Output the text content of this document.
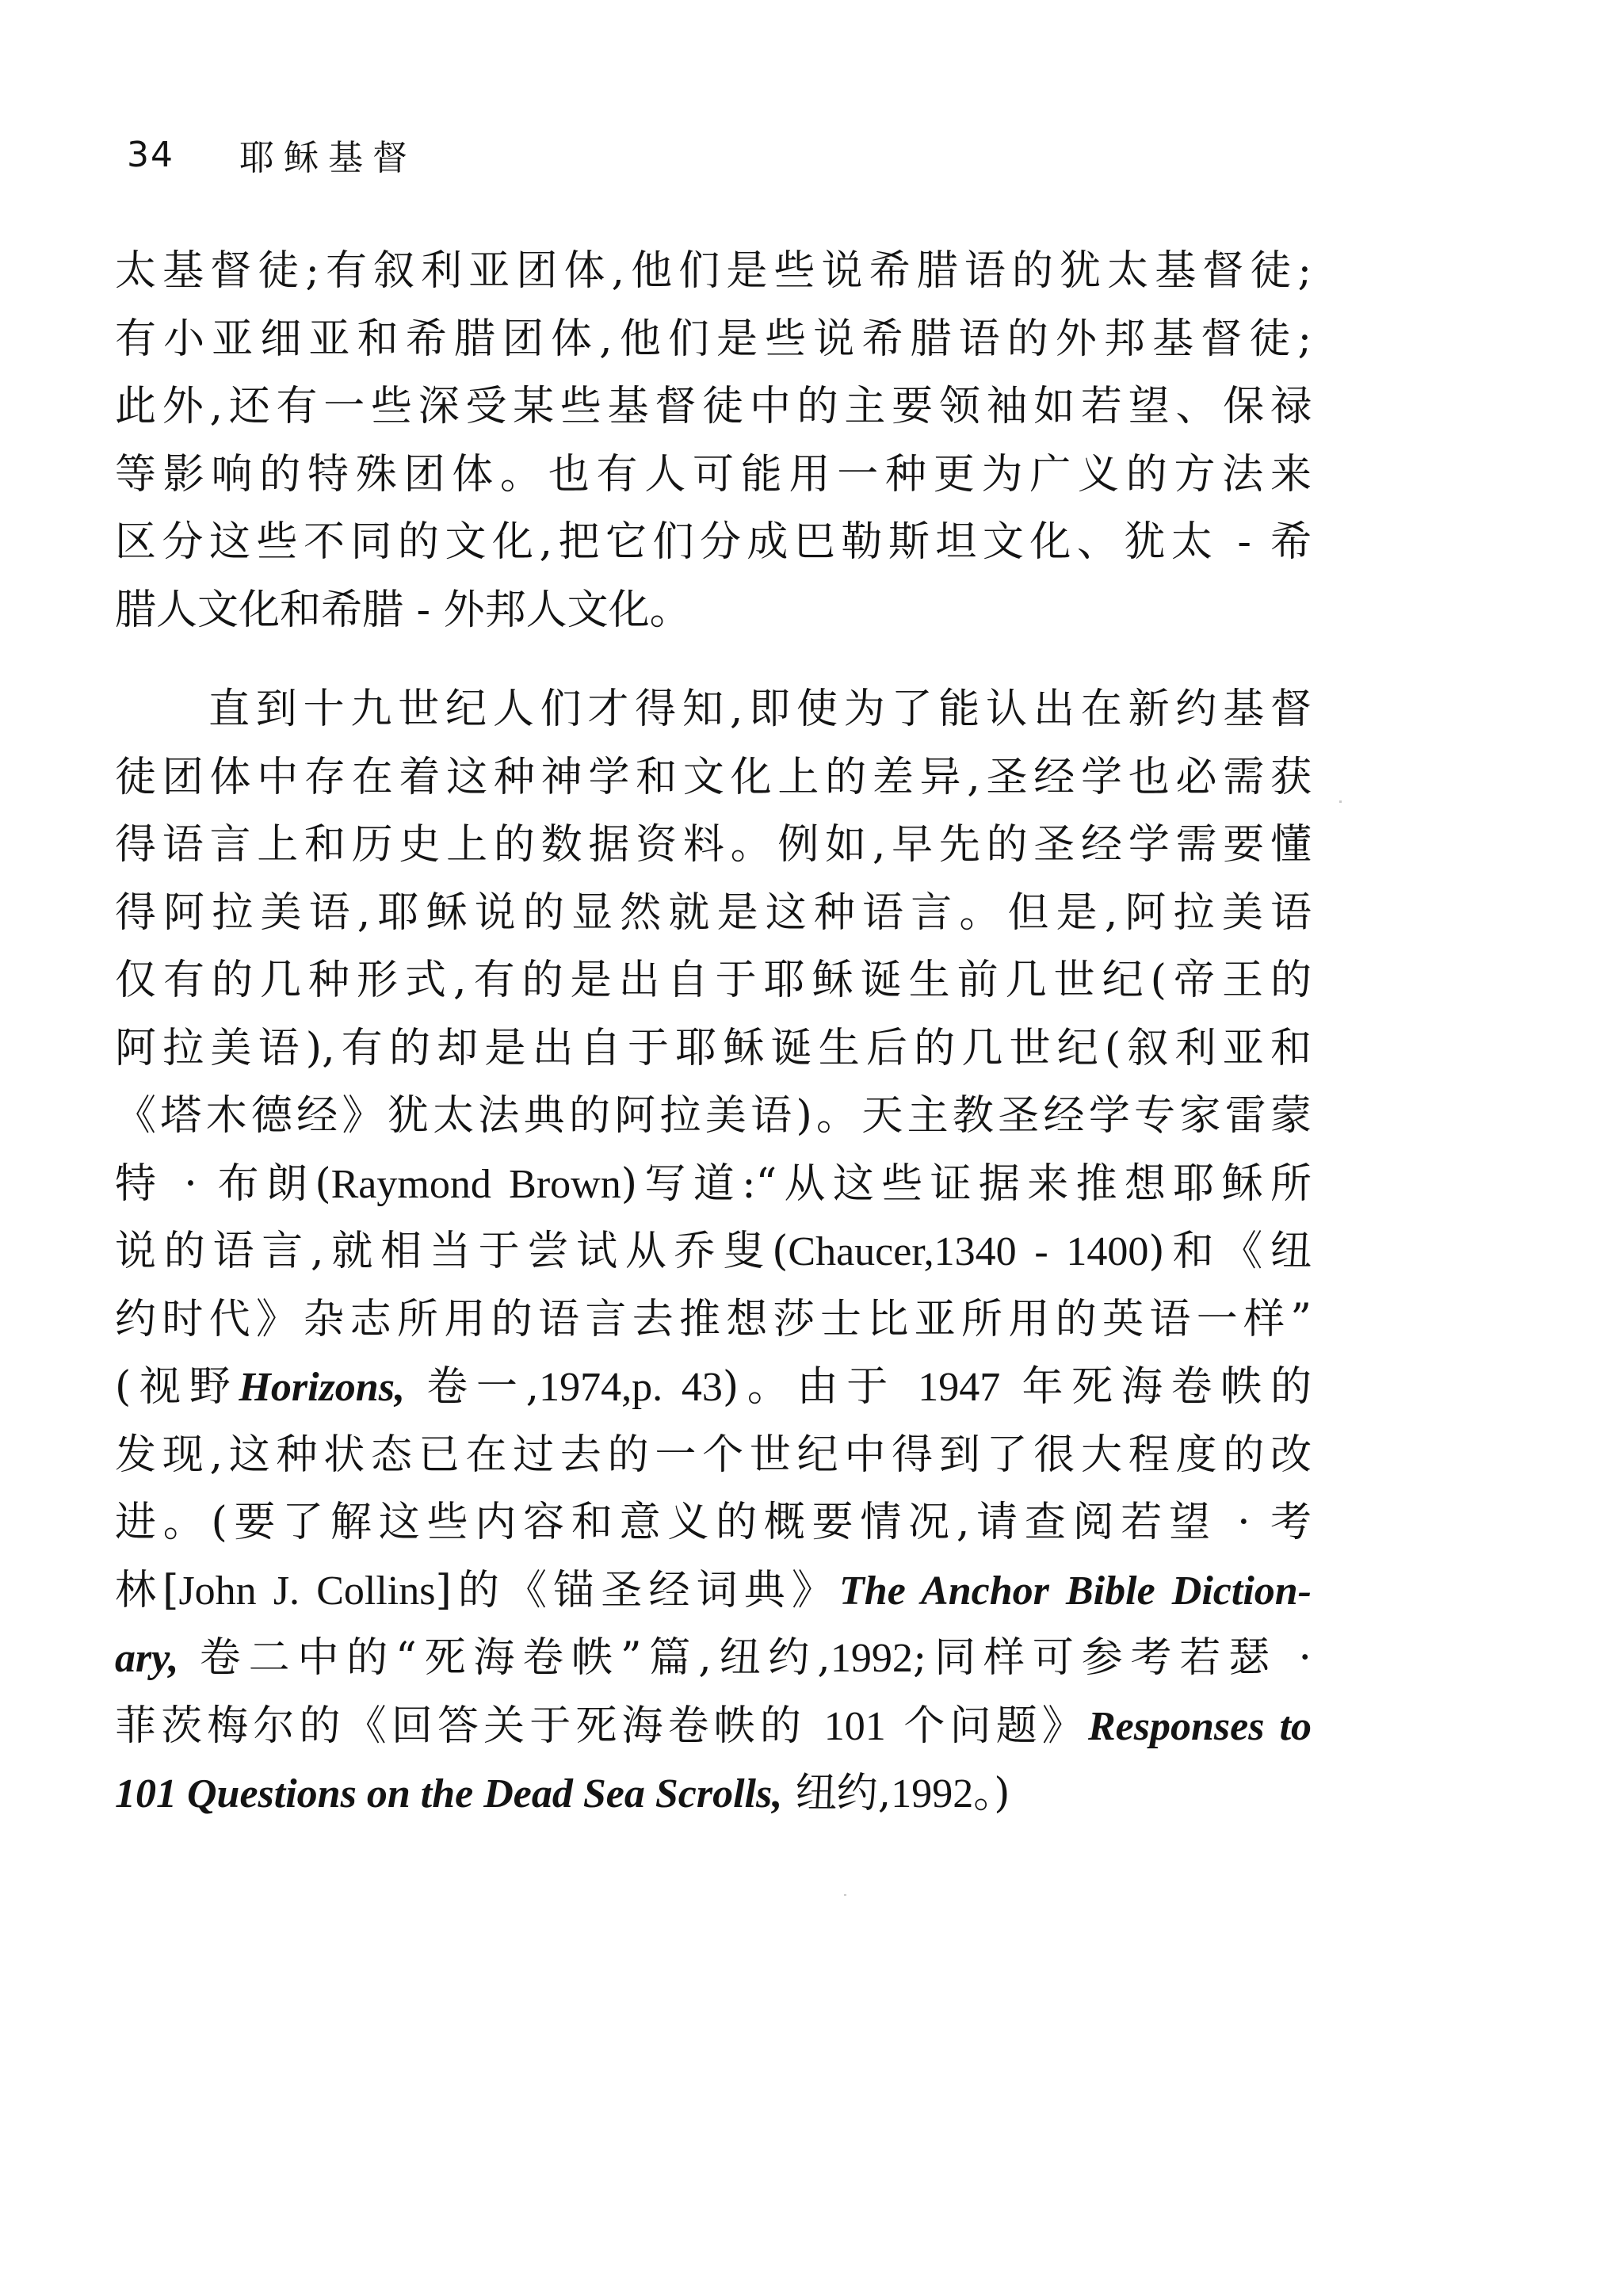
34 耶稣基督
太基督徒;有叙利亚团体,他们是些说希腊语的犹太基督徒;
有小亚细亚和希腊团体,他们是些说希腊语的外邦基督徒;
此外,还有一些深受某些基督徒中的主要领袖如若望、保禄
等影响的特殊团体。也有人可能用一种更为广义的方法来
区分这些不同的文化,把它们分成巴勒斯坦文化、犹太 - 希
腊人文化和希腊 - 外邦人文化。
直到十九世纪人们才得知,即使为了能认出在新约基督
徒团体中存在着这种神学和文化上的差异,圣经学也必需获
得语言上和历史上的数据资料。例如,早先的圣经学需要懂
得阿拉美语,耶稣说的显然就是这种语言。但是,阿拉美语
仅有的几种形式,有的是出自于耶稣诞生前几世纪(帝王的
阿拉美语),有的却是出自于耶稣诞生后的几世纪(叙利亚和
《塔木德经》犹太法典的阿拉美语)。天主教圣经学专家雷蒙
特 · 布朗(Raymond Brown)写道:“从这些证据来推想耶稣所
说的语言,就相当于尝试从乔叟(Chaucer,1340 - 1400)和《纽
约时代》杂志所用的语言去推想莎士比亚所用的英语一样”
(视野Horizons, 卷一,1974,p. 43)。由于 1947 年死海卷帙的
发现,这种状态已在过去的一个世纪中得到了很大程度的改
进。(要了解这些内容和意义的概要情况,请查阅若望 · 考
林[John J. Collins]的《锚圣经词典》The Anchor Bible Diction-
ary, 卷二中的“死海卷帙”篇,纽约,1992;同样可参考若瑟 ·
菲茨梅尔的《回答关于死海卷帙的 101 个问题》Responses to
101 Questions on the Dead Sea Scrolls, 纽约,1992。)
